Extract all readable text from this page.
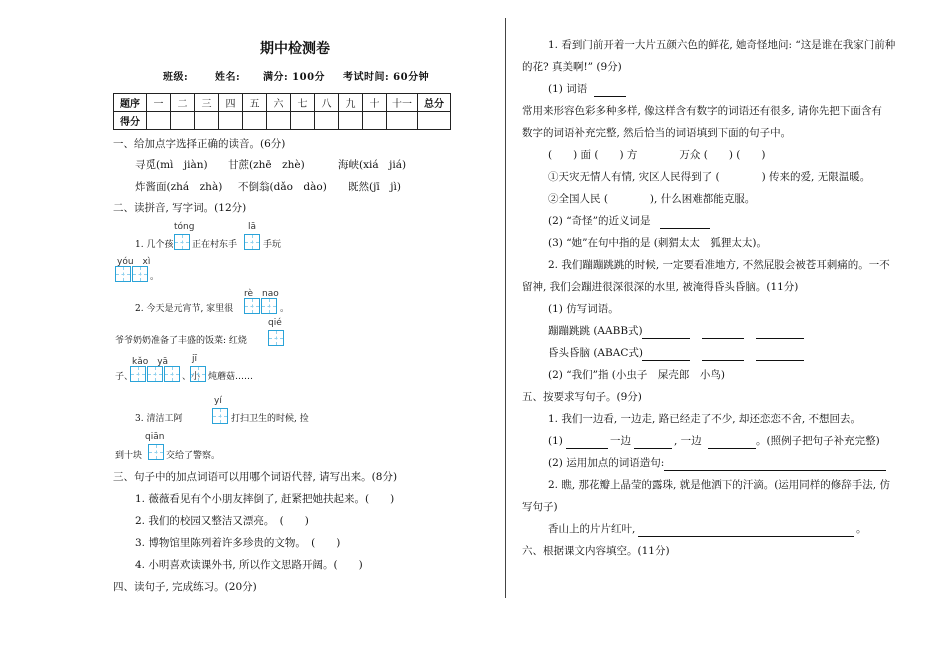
期中检测卷
班级:	姓名: 满分: 100分 考试时间: 60分钟
题序	一	二	三	四	五	六	七	八	九	十	十一	总分
得分												
一、给加点字选择正确的读音。(6分)
寻觅(mì　jiàn) 甘蔗(zhē　zhè)	海峡(xiá　jiá)
炸酱面(zhá　zhà) 不倒翁(dǎo　dào) 既然(jī　jì)
二、读拼音, 写字词。(12分)
tóng	lā
1. 几个孩 正在村东手	手玩
yóu　xì
。
rè　nao
2. 今天是元宵节, 家里很	。
qié
爷爷奶奶准备了丰盛的饭菜: 红烧
kǎo　yā	jī
子、	、小 炖蘑菇……
yí
3. 清洁工阿	打扫卫生的时候, 捡
qiān
到十块	交给了警察。
三、句子中的加点词语可以用哪个词语代替, 请写出来。(8分)
1. 薇薇看见有个小朋友摔倒了, 赶紧把她扶起来。(　　)
2. 我们的校园又整洁又漂亮。　(　　)
3. 博物馆里陈列着许多珍贵的文物。　(　　)
4. 小明喜欢读课外书, 所以作文思路开阔。(　　)
四、读句子, 完成练习。(20分)
1. 看到门前开着一大片五颜六色的鲜花, 她奇怪地问: “这是谁在我家门前种
的花? 真美啊!” (9分)
(1) 词语
常用来形容色彩多种多样, 像这样含有数字的词语还有很多, 请你先把下面含有
数字的词语补充完整, 然后恰当的词语填到下面的句子中。
(　　) 面 (　　) 方　　　　万众 (　　) (　　)
①天灾无情人有情, 灾区人民得到了 (　　　　) 传来的爱, 无限温暖。
②全国人民 (　　　　), 什么困难都能克服。
(2) “奇怪”的近义词是
(3) “她”在句中指的是 (刺猬太太　狐狸太太)。
2. 我们蹦蹦跳跳的时候, 一定要看准地方, 不然屁股会被苍耳刺痛的。一不
留神, 我们会蹦进很深很深的水里, 被淹得昏头昏脑。(11分)
(1) 仿写词语。
蹦蹦跳跳 (AABB式)
昏头昏脑 (ABAC式)
(2) “我们”指 (小虫子　屎壳郎　小鸟)
五、按要求写句子。(9分)
1. 我们一边看, 一边走, 路已经走了不少, 却还恋恋不舍, 不想回去。
(1)	一边	, 一边	。(照例子把句子补充完整)
(2) 运用加点的词语造句:
2. 瞧, 那花瓣上晶莹的露珠, 就是他洒下的汗滴。(运用同样的修辞手法, 仿
写句子)
香山上的片片红叶,	。
六、根据课文内容填空。(11分)
